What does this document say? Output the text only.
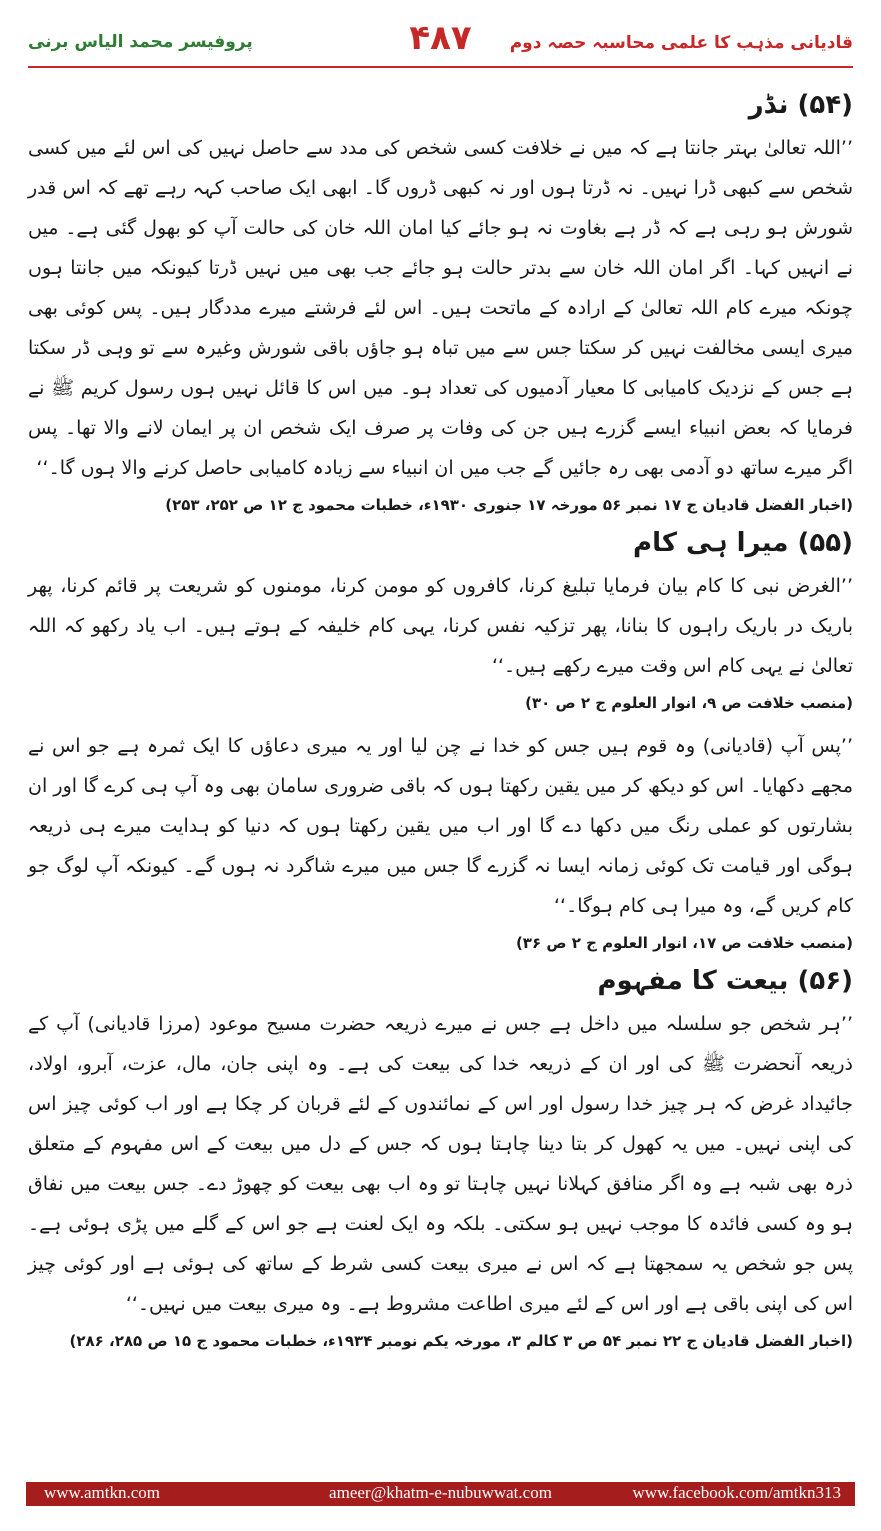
پروفیسر محمد الیاس برنی	۴۸۷	قادیانی مذہب کا علمی محاسبہ حصہ دوم
(۵۴) نڈر

’’اللہ تعالیٰ بہتر جانتا ہے کہ میں نے خلافت کسی شخص کی مدد سے حاصل نہیں کی اس لئے میں کسی شخص سے کبھی ڈرا نہیں۔ نہ ڈرتا ہوں اور نہ کبھی ڈروں گا۔ ابھی ایک صاحب کہہ رہے تھے کہ اس قدر شورش ہو رہی ہے کہ ڈر ہے بغاوت نہ ہو جائے کیا امان اللہ خان کی حالت آپ کو بھول گئی ہے۔ میں نے انہیں کہا۔ اگر امان اللہ خان سے بدتر حالت ہو جائے جب بھی میں نہیں ڈرتا کیونکہ میں جانتا ہوں چونکہ میرے کام اللہ تعالیٰ کے ارادہ کے ماتحت ہیں۔ اس لئے فرشتے میرے مددگار ہیں۔ پس کوئی بھی میری ایسی مخالفت نہیں کر سکتا جس سے میں تباہ ہو جاؤں باقی شورش وغیرہ سے تو وہی ڈر سکتا ہے جس کے نزدیک کامیابی کا معیار آدمیوں کی تعداد ہو۔ میں اس کا قائل نہیں ہوں رسول کریم ﷺ نے فرمایا کہ بعض انبیاء ایسے گزرے ہیں جن کی وفات پر صرف ایک شخص ان پر ایمان لانے والا تھا۔ پس اگر میرے ساتھ دو آدمی بھی رہ جائیں گے جب میں ان انبیاء سے زیادہ کامیابی حاصل کرنے والا ہوں گا۔‘‘

(اخبار الفضل قادیان ج ۱۷ نمبر ۵۶ مورخہ ۱۷ جنوری ۱۹۳۰ء، خطبات محمود ج ۱۲ ص ۲۵۲، ۲۵۳)
(۵۵) میرا ہی کام

’’الغرض نبی کا کام بیان فرمایا تبلیغ کرنا، کافروں کو مومن کرنا، مومنوں کو شریعت پر قائم کرنا، پھر باریک در باریک راہوں کا بنانا، پھر تزکیہ نفس کرنا، یہی کام خلیفہ کے ہوتے ہیں۔ اب یاد رکھو کہ اللہ تعالیٰ نے یہی کام اس وقت میرے رکھے ہیں۔‘‘

(منصب خلافت ص ۹، انوار العلوم ج ۲ ص ۳۰)

’’پس آپ (قادیانی) وہ قوم ہیں جس کو خدا نے چن لیا اور یہ میری دعاؤں کا ایک ثمرہ ہے جو اس نے مجھے دکھایا۔ اس کو دیکھ کر میں یقین رکھتا ہوں کہ باقی ضروری سامان بھی وہ آپ ہی کرے گا اور ان بشارتوں کو عملی رنگ میں دکھا دے گا اور اب میں یقین رکھتا ہوں کہ دنیا کو ہدایت میرے ہی ذریعہ ہوگی اور قیامت تک کوئی زمانہ ایسا نہ گزرے گا جس میں میرے شاگرد نہ ہوں گے۔ کیونکہ آپ لوگ جو کام کریں گے، وہ میرا ہی کام ہوگا۔‘‘

(منصب خلافت ص ۱۷، انوار العلوم ج ۲ ص ۳۶)
(۵۶) بیعت کا مفہوم

’’ہر شخص جو سلسلہ میں داخل ہے جس نے میرے ذریعہ حضرت مسیح موعود (مرزا قادیانی) آپ کے ذریعہ آنحضرت ﷺ کی اور ان کے ذریعہ خدا کی بیعت کی ہے۔ وہ اپنی جان، مال، عزت، آبرو، اولاد، جائیداد غرض کہ ہر چیز خدا رسول اور اس کے نمائندوں کے لئے قربان کر چکا ہے اور اب کوئی چیز اس کی اپنی نہیں۔ میں یہ کھول کر بتا دینا چاہتا ہوں کہ جس کے دل میں بیعت کے اس مفہوم کے متعلق ذرہ بھی شبہ ہے وہ اگر منافق کہلانا نہیں چاہتا تو وہ اب بھی بیعت کو چھوڑ دے۔ جس بیعت میں نفاق ہو وہ کسی فائدہ کا موجب نہیں ہو سکتی۔ بلکہ وہ ایک لعنت ہے جو اس کے گلے میں پڑی ہوئی ہے۔ پس جو شخص یہ سمجھتا ہے کہ اس نے میری بیعت کسی شرط کے ساتھ کی ہوئی ہے اور کوئی چیز اس کی اپنی باقی ہے اور اس کے لئے میری اطاعت مشروط ہے۔ وہ میری بیعت میں نہیں۔‘‘

(اخبار الفضل قادیان ج ۲۲ نمبر ۵۴ ص ۳ کالم ۳، مورخہ یکم نومبر ۱۹۳۴ء، خطبات محمود ج ۱۵ ص ۲۸۵، ۲۸۶)
www.amtkn.com	ameer@khatm-e-nubuwwat.com	www.facebook.com/amtkn313
